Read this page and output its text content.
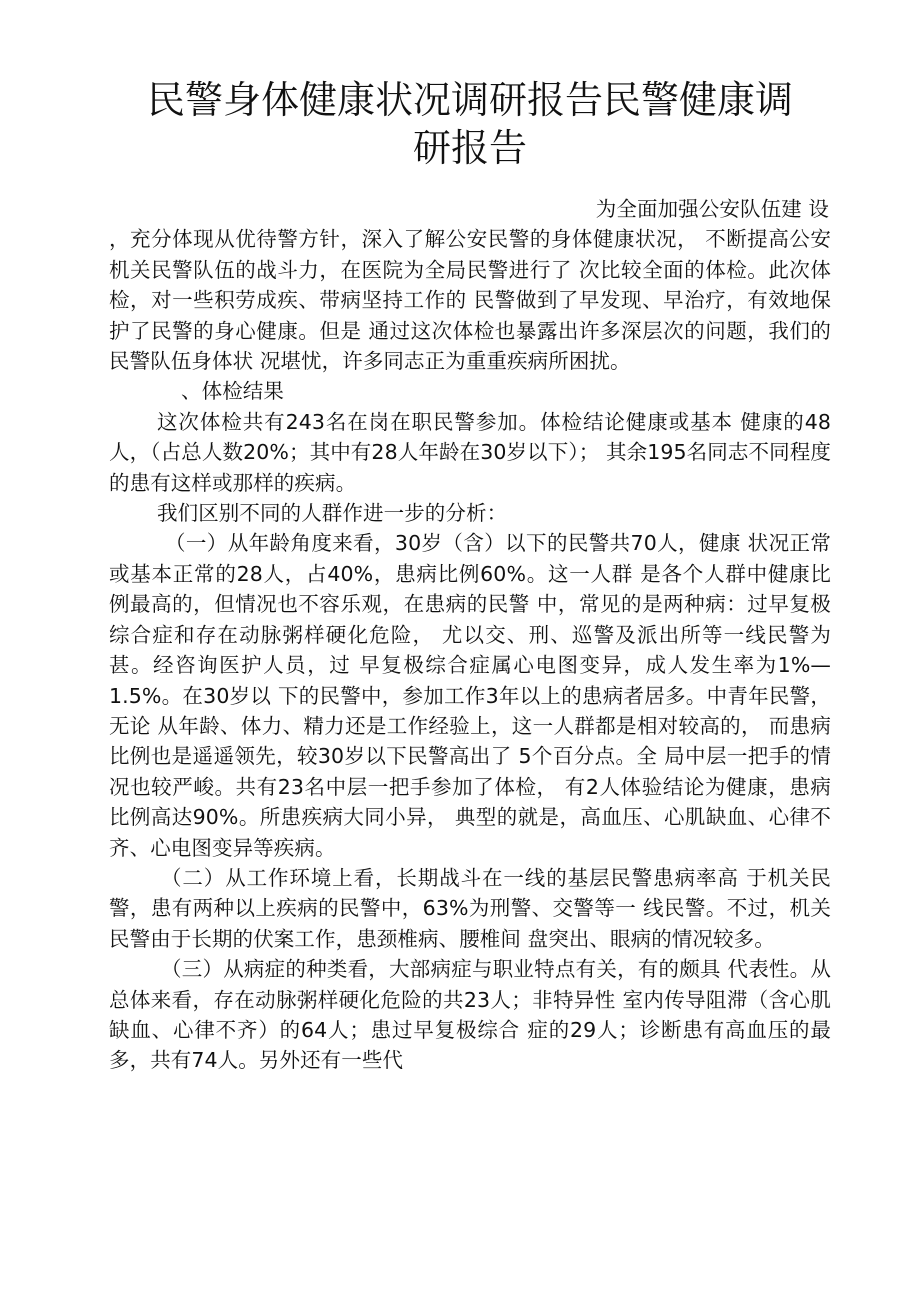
民警身体健康状况调研报告民警健康调
研报告

为全面加强公安队伍建 设

，充分体现从优待警方针，深入了解公安民警的身体健康状况， 不断提高公安机关民警队伍的战斗力，在医院为全局民警进行了 次比较全面的体检。此次体检，对一些积劳成疾、带病坚持工作的 民警做到了早发现、早治疗，有效地保护了民警的身心健康。但是 通过这次体检也暴露出许多深层次的问题，我们的民警队伍身体状 况堪忧，许多同志正为重重疾病所困扰。

、体检结果

这次体检共有243名在岗在职民警参加。体检结论健康或基本 健康的48人，（占总人数20%；其中有28人年龄在30岁以下）； 其余195名同志不同程度的患有这样或那样的疾病。

我们区别不同的人群作进一步的分析：

（一）从年龄角度来看，30岁（含）以下的民警共70人，健康 状况正常或基本正常的28人，占40%，患病比例60%。这一人群 是各个人群中健康比例最高的，但情况也不容乐观，在患病的民警 中，常见的是两种病：过早复极综合症和存在动脉粥样硬化危险， 尤以交、刑、巡警及派出所等一线民警为甚。经咨询医护人员，过 早复极综合症属心电图变异，成人发生率为1%—1.5%。在30岁以 下的民警中，参加工作3年以上的患病者居多。中青年民警，无论 从年龄、体力、精力还是工作经验上，这一人群都是相对较高的， 而患病比例也是遥遥领先，较30岁以下民警高出了 5个百分点。全 局中层一把手的情况也较严峻。共有23名中层一把手参加了体检， 有2人体验结论为健康，患病比例高达90%。所患疾病大同小异， 典型的就是，高血压、心肌缺血、心律不齐、心电图变异等疾病。

（二）从工作环境上看，长期战斗在一线的基层民警患病率高 于机关民警，患有两种以上疾病的民警中，63%为刑警、交警等一 线民警。不过，机关民警由于长期的伏案工作，患颈椎病、腰椎间 盘突出、眼病的情况较多。

（三）从病症的种类看，大部病症与职业特点有关，有的颇具 代表性。从总体来看，存在动脉粥样硬化危险的共23人；非特异性 室内传导阻滞（含心肌缺血、心律不齐）的64人；患过早复极综合 症的29人；诊断患有高血压的最多，共有74人。另外还有一些代
